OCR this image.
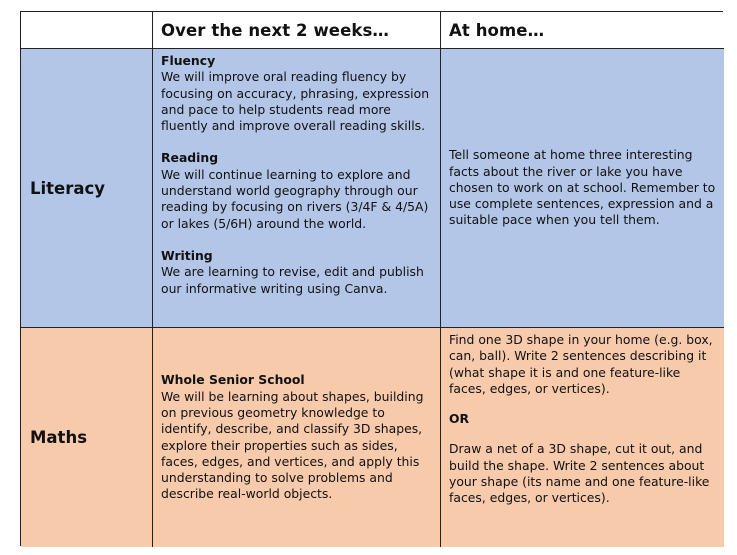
Over the next 2 weeks…	At home…
Literacy
Fluency
We will improve oral reading fluency by focusing on accuracy, phrasing, expression and pace to help students read more fluently and improve overall reading skills.
Reading
We will continue learning to explore and understand world geography through our reading by focusing on rivers (3/4F & 4/5A) or lakes (5/6H) around the world.
Writing
We are learning to revise, edit and publish our informative writing using Canva.
Tell someone at home three interesting facts about the river or lake you have chosen to work on at school. Remember to use complete sentences, expression and a suitable pace when you tell them.
Maths
Whole Senior School
We will be learning about shapes, building on previous geometry knowledge to identify, describe, and classify 3D shapes, explore their properties such as sides, faces, edges, and vertices, and apply this understanding to solve problems and describe real-world objects.
Find one 3D shape in your home (e.g. box, can, ball). Write 2 sentences describing it (what shape it is and one feature-like faces, edges, or vertices).
OR
Draw a net of a 3D shape, cut it out, and build the shape. Write 2 sentences about your shape (its name and one feature-like faces, edges, or vertices).
